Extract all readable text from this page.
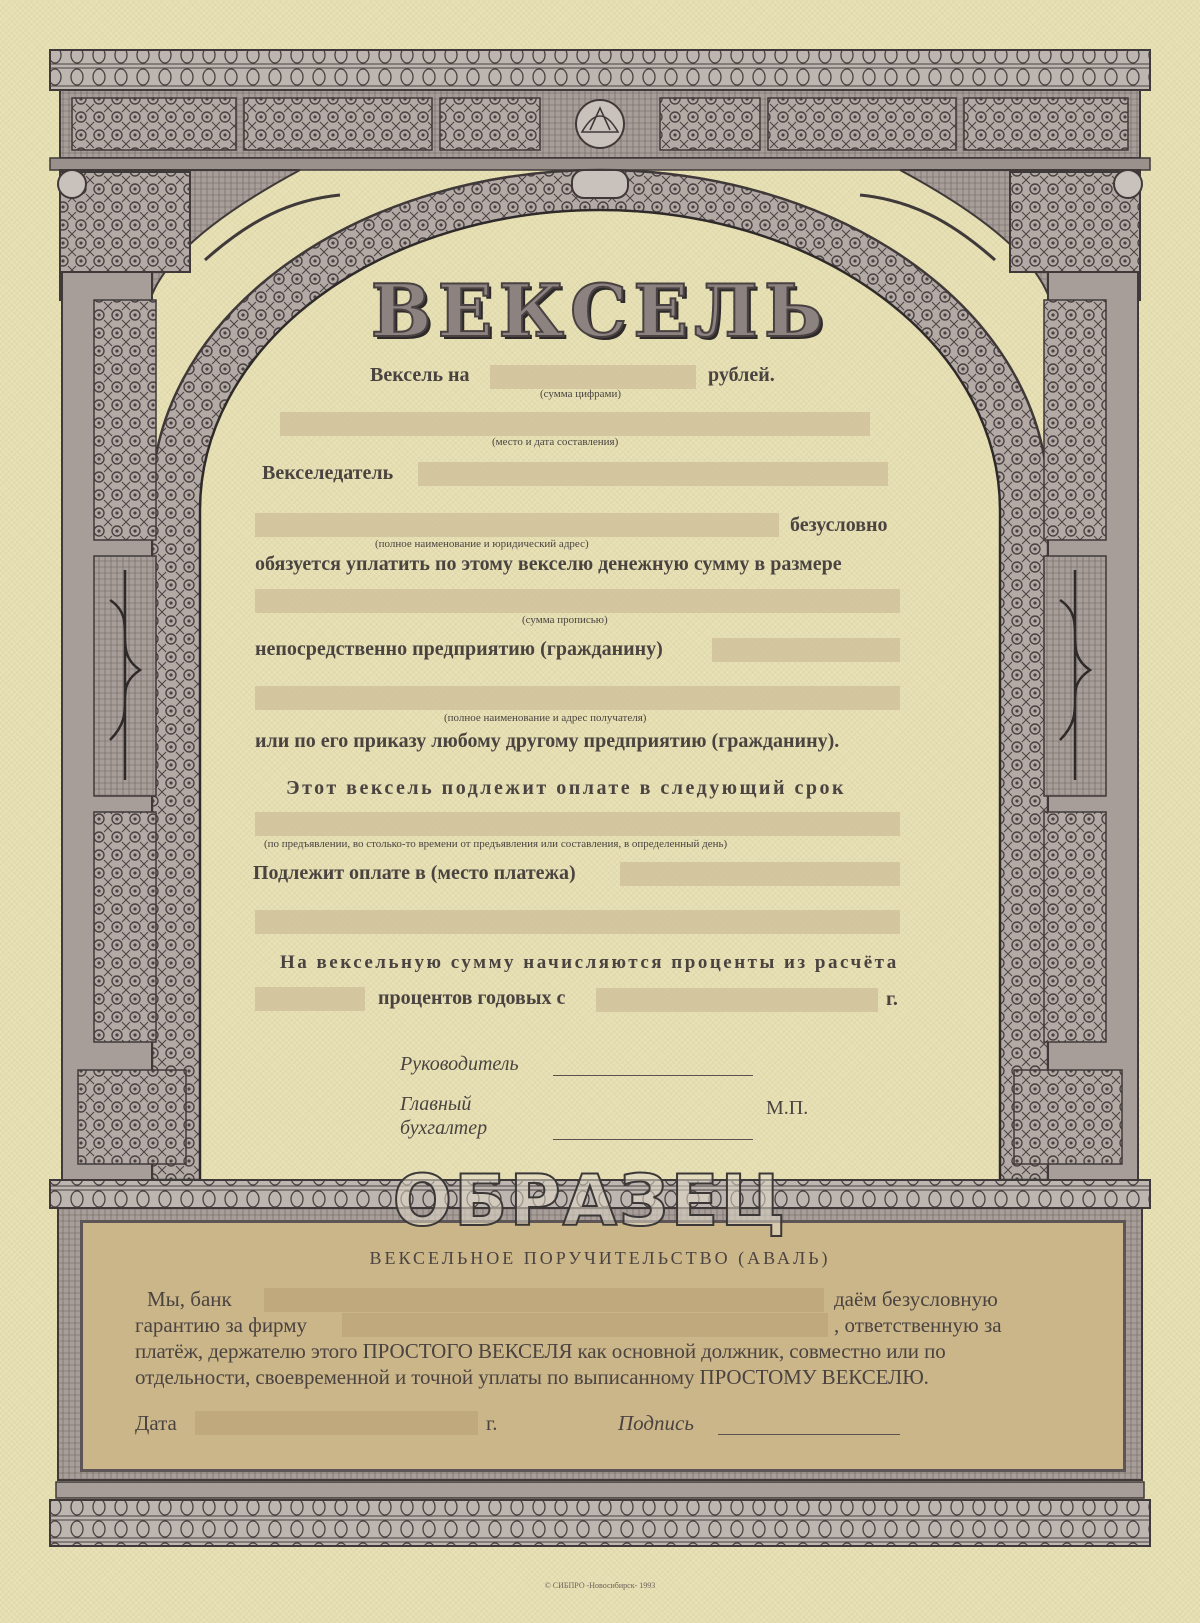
ВЕКСЕЛЬ
Вексель на	рублей.
(сумма цифрами)
(место и дата составления)
Векселедатель
безусловно
(полное наименование и юридический адрес)
обязуется уплатить по этому векселю денежную сумму в размере
(сумма прописью)
непосредственно предприятию (гражданину)
(полное наименование и адрес получателя)
или по его приказу любому другому предприятию (гражданину).
Этот вексель подлежит оплате в следующий срок
(по предъявлении, во столько-то времени от предъявления или составления, в определенный день)
Подлежит оплате в (место платежа)
На вексельную сумму начисляются проценты из расчёта
процентов годовых с	г.
Руководитель
Главный
бухгалтер
М.П.
ВЕКСЕЛЬНОЕ ПОРУЧИТЕЛЬСТВО (АВАЛЬ)
Мы, банк	даём безусловную
гарантию за фирму	, ответственную за
платёж, держателю этого ПРОСТОГО ВЕКСЕЛЯ как основной должник, совместно или по
отдельности, своевременной и точной уплаты по выписанному ПРОСТОМУ ВЕКСЕЛЮ.
Дата	г.	Подпись
ОБРАЗЕЦ
© СИБПРО -Новосибирск- 1993
